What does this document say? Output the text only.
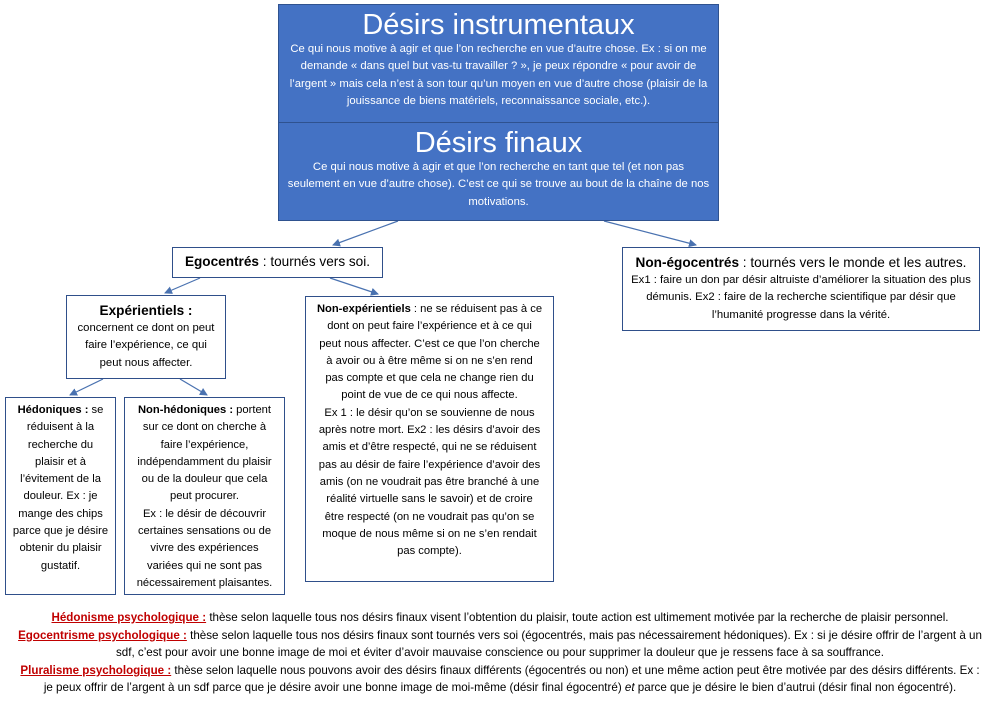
Désirs instrumentaux
Ce qui nous motive à agir et que l’on recherche en vue d’autre chose. Ex : si on me demande « dans quel but vas-tu travailler ? », je peux répondre « pour avoir de l’argent » mais cela n’est à son tour qu’un moyen en vue d’autre chose (plaisir de la jouissance de biens matériels, reconnaissance sociale, etc.).
Désirs finaux
Ce qui nous motive à agir et que l’on recherche en tant que tel (et non pas seulement en vue d’autre chose). C’est ce qui se trouve au bout de la chaîne de nos motivations.
Egocentrés : tournés vers soi.	Non-égocentrés : tournés vers le monde et les autres.
Ex1 : faire un don par désir altruiste d’améliorer la situation des plus démunis. Ex2 : faire de la recherche scientifique par désir que l’humanité progresse dans la vérité.
Expérientiels :
concernent ce dont on peut faire l’expérience, ce qui peut nous affecter.
Non-expérientiels : ne se réduisent pas à ce dont on peut faire l’expérience et à ce qui peut nous affecter. C’est ce que l’on cherche à avoir ou à être même si on ne s’en rend pas compte et que cela ne change rien du point de vue de ce qui nous affecte.
Ex 1 : le désir qu’on se souvienne de nous après notre mort. Ex2 : les désirs d’avoir des amis et d’être respecté, qui ne se réduisent pas au désir de faire l’expérience d’avoir des amis (on ne voudrait pas être branché à une réalité virtuelle sans le savoir) et de croire être respecté (on ne voudrait pas qu’on se moque de nous même si on ne s’en rendait pas compte).
Hédoniques : se réduisent à la recherche du plaisir et à l’évitement de la douleur. Ex : je mange des chips parce que je désire obtenir du plaisir gustatif.
Non-hédoniques : portent sur ce dont on cherche à faire l’expérience, indépendamment du plaisir ou de la douleur que cela peut procurer.
Ex : le désir de découvrir certaines sensations ou de vivre des expériences variées qui ne sont pas nécessairement plaisantes.
Hédonisme psychologique : thèse selon laquelle tous nos désirs finaux visent l’obtention du plaisir, toute action est ultimement motivée par la recherche de plaisir personnel.
Egocentrisme psychologique : thèse selon laquelle tous nos désirs finaux sont tournés vers soi (égocentrés, mais pas nécessairement hédoniques). Ex : si je désire offrir de l’argent à un
sdf, c’est pour avoir une bonne image de moi et éviter d’avoir mauvaise conscience ou pour supprimer la douleur que je ressens face à sa souffrance.
Pluralisme psychologique : thèse selon laquelle nous pouvons avoir des désirs finaux différents (égocentrés ou non) et une même action peut être motivée par des désirs différents. Ex :
je peux offrir de l’argent à un sdf parce que je désire avoir une bonne image de moi-même (désir final égocentré) et parce que je désire le bien d’autrui (désir final non égocentré).
